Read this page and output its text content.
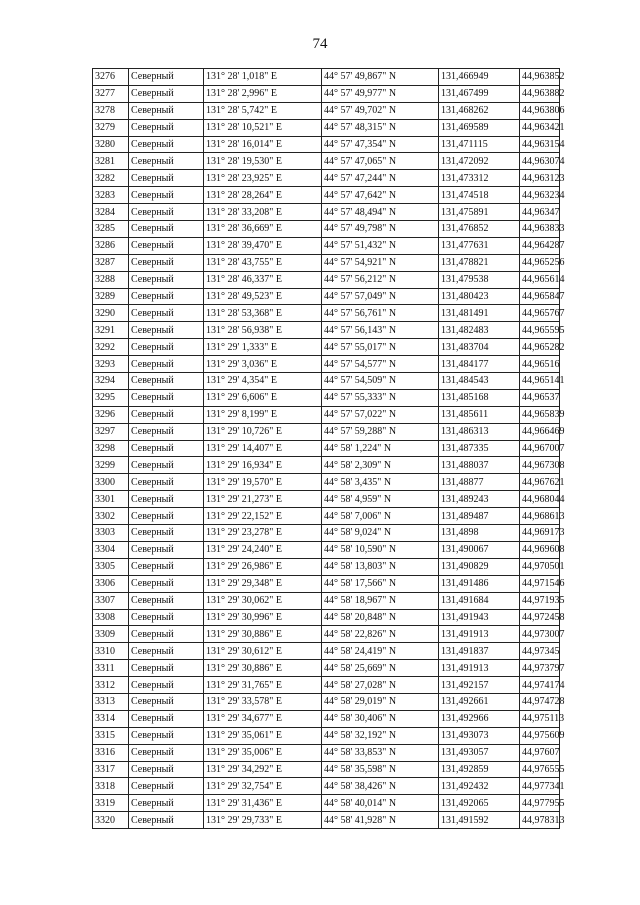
74
3276	Северный	131° 28' 1,018" E	44° 57' 49,867" N	131,466949	44,963852
3277	Северный	131° 28' 2,996" E	44° 57' 49,977" N	131,467499	44,963882
3278	Северный	131° 28' 5,742" E	44° 57' 49,702" N	131,468262	44,963806
3279	Северный	131° 28' 10,521" E	44° 57' 48,315" N	131,469589	44,963421
3280	Северный	131° 28' 16,014" E	44° 57' 47,354" N	131,471115	44,963154
3281	Северный	131° 28' 19,530" E	44° 57' 47,065" N	131,472092	44,963074
3282	Северный	131° 28' 23,925" E	44° 57' 47,244" N	131,473312	44,963123
3283	Северный	131° 28' 28,264" E	44° 57' 47,642" N	131,474518	44,963234
3284	Северный	131° 28' 33,208" E	44° 57' 48,494" N	131,475891	44,96347
3285	Северный	131° 28' 36,669" E	44° 57' 49,798" N	131,476852	44,963833
3286	Северный	131° 28' 39,470" E	44° 57' 51,432" N	131,477631	44,964287
3287	Северный	131° 28' 43,755" E	44° 57' 54,921" N	131,478821	44,965256
3288	Северный	131° 28' 46,337" E	44° 57' 56,212" N	131,479538	44,965614
3289	Северный	131° 28' 49,523" E	44° 57' 57,049" N	131,480423	44,965847
3290	Северный	131° 28' 53,368" E	44° 57' 56,761" N	131,481491	44,965767
3291	Северный	131° 28' 56,938" E	44° 57' 56,143" N	131,482483	44,965595
3292	Северный	131° 29' 1,333" E	44° 57' 55,017" N	131,483704	44,965282
3293	Северный	131° 29' 3,036" E	44° 57' 54,577" N	131,484177	44,96516
3294	Северный	131° 29' 4,354" E	44° 57' 54,509" N	131,484543	44,965141
3295	Северный	131° 29' 6,606" E	44° 57' 55,333" N	131,485168	44,96537
3296	Северный	131° 29' 8,199" E	44° 57' 57,022" N	131,485611	44,965839
3297	Северный	131° 29' 10,726" E	44° 57' 59,288" N	131,486313	44,966469
3298	Северный	131° 29' 14,407" E	44° 58' 1,224" N	131,487335	44,967007
3299	Северный	131° 29' 16,934" E	44° 58' 2,309" N	131,488037	44,967308
3300	Северный	131° 29' 19,570" E	44° 58' 3,435" N	131,48877	44,967621
3301	Северный	131° 29' 21,273" E	44° 58' 4,959" N	131,489243	44,968044
3302	Северный	131° 29' 22,152" E	44° 58' 7,006" N	131,489487	44,968613
3303	Северный	131° 29' 23,278" E	44° 58' 9,024" N	131,4898	44,969173
3304	Северный	131° 29' 24,240" E	44° 58' 10,590" N	131,490067	44,969608
3305	Северный	131° 29' 26,986" E	44° 58' 13,803" N	131,490829	44,970501
3306	Северный	131° 29' 29,348" E	44° 58' 17,566" N	131,491486	44,971546
3307	Северный	131° 29' 30,062" E	44° 58' 18,967" N	131,491684	44,971935
3308	Северный	131° 29' 30,996" E	44° 58' 20,848" N	131,491943	44,972458
3309	Северный	131° 29' 30,886" E	44° 58' 22,826" N	131,491913	44,973007
3310	Северный	131° 29' 30,612" E	44° 58' 24,419" N	131,491837	44,97345
3311	Северный	131° 29' 30,886" E	44° 58' 25,669" N	131,491913	44,973797
3312	Северный	131° 29' 31,765" E	44° 58' 27,028" N	131,492157	44,974174
3313	Северный	131° 29' 33,578" E	44° 58' 29,019" N	131,492661	44,974728
3314	Северный	131° 29' 34,677" E	44° 58' 30,406" N	131,492966	44,975113
3315	Северный	131° 29' 35,061" E	44° 58' 32,192" N	131,493073	44,975609
3316	Северный	131° 29' 35,006" E	44° 58' 33,853" N	131,493057	44,97607
3317	Северный	131° 29' 34,292" E	44° 58' 35,598" N	131,492859	44,976555
3318	Северный	131° 29' 32,754" E	44° 58' 38,426" N	131,492432	44,977341
3319	Северный	131° 29' 31,436" E	44° 58' 40,014" N	131,492065	44,977955
3320	Северный	131° 29' 29,733" E	44° 58' 41,928" N	131,491592	44,978313
